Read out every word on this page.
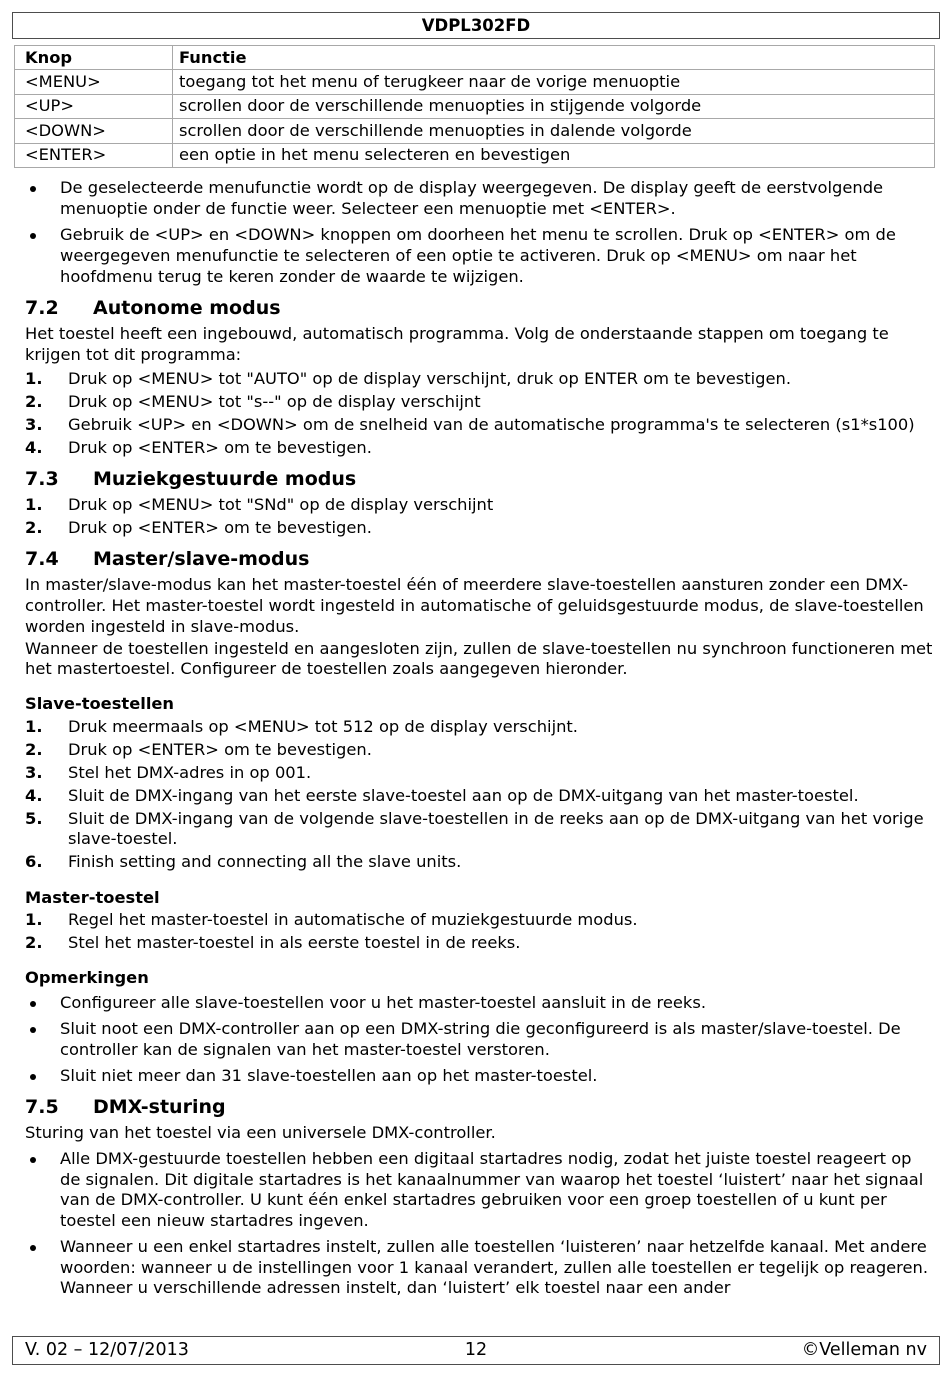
VDPL302FD
Knop	Functie
<MENU>	toegang tot het menu of terugkeer naar de vorige menuoptie
<UP>	scrollen door de verschillende menuopties in stijgende volgorde
<DOWN>	scrollen door de verschillende menuopties in dalende volgorde
<ENTER>	een optie in het menu selecteren en bevestigen
De geselecteerde menufunctie wordt op de display weergegeven. De display geeft de eerstvolgende menuoptie onder de functie weer. Selecteer een menuoptie met <ENTER>.
Gebruik de <UP> en <DOWN> knoppen om doorheen het menu te scrollen. Druk op <ENTER> om de weergegeven menufunctie te selecteren of een optie te activeren. Druk op <MENU> om naar het hoofdmenu terug te keren zonder de waarde te wijzigen.
7.2 Autonome modus

Het toestel heeft een ingebouwd, automatisch programma. Volg de onderstaande stappen om toegang te krijgen tot dit programma:

1. Druk op <MENU> tot "AUTO" op de display verschijnt, druk op ENTER om te bevestigen.
2. Druk op <MENU> tot "s--" op de display verschijnt
3. Gebruik <UP> en <DOWN> om de snelheid van de automatische programma's te selecteren (s1*s100)
4. Druk op <ENTER> om te bevestigen.
7.3 Muziekgestuurde modus
1. Druk op <MENU> tot "SNd" op de display verschijnt
2. Druk op <ENTER> om te bevestigen.
7.4 Master/slave-modus

In master/slave-modus kan het master-toestel één of meerdere slave-toestellen aansturen zonder een DMX-controller. Het master-toestel wordt ingesteld in automatische of geluidsgestuurde modus, de slave-toestellen worden ingesteld in slave-modus.

Wanneer de toestellen ingesteld en aangesloten zijn, zullen de slave-toestellen nu synchroon functioneren met het mastertoestel. Configureer de toestellen zoals aangegeven hieronder.

Slave-toestellen
1. Druk meermaals op <MENU> tot 512 op de display verschijnt.
2. Druk op <ENTER> om te bevestigen.
3. Stel het DMX-adres in op 001.
4. Sluit de DMX-ingang van het eerste slave-toestel aan op de DMX-uitgang van het master-toestel.
5. Sluit de DMX-ingang van de volgende slave-toestellen in de reeks aan op de DMX-uitgang van het vorige slave-toestel.
6. Finish setting and connecting all the slave units.
Master-toestel
1. Regel het master-toestel in automatische of muziekgestuurde modus.
2. Stel het master-toestel in als eerste toestel in de reeks.
Opmerkingen
Configureer alle slave-toestellen voor u het master-toestel aansluit in de reeks.
Sluit noot een DMX-controller aan op een DMX-string die geconfigureerd is als master/slave-toestel. De controller kan de signalen van het master-toestel verstoren.
Sluit niet meer dan 31 slave-toestellen aan op het master-toestel.
7.5 DMX-sturing

Sturing van het toestel via een universele DMX-controller.

Alle DMX-gestuurde toestellen hebben een digitaal startadres nodig, zodat het juiste toestel reageert op de signalen. Dit digitale startadres is het kanaalnummer van waarop het toestel ‘luistert’ naar het signaal van de DMX-controller. U kunt één enkel startadres gebruiken voor een groep toestellen of u kunt per toestel een nieuw startadres ingeven.
Wanneer u een enkel startadres instelt, zullen alle toestellen ‘luisteren’ naar hetzelfde kanaal. Met andere woorden: wanneer u de instellingen voor 1 kanaal verandert, zullen alle toestellen er tegelijk op reageren. Wanneer u verschillende adressen instelt, dan ‘luistert’ elk toestel naar een ander
V. 02 – 12/07/2013	12	©Velleman nv
